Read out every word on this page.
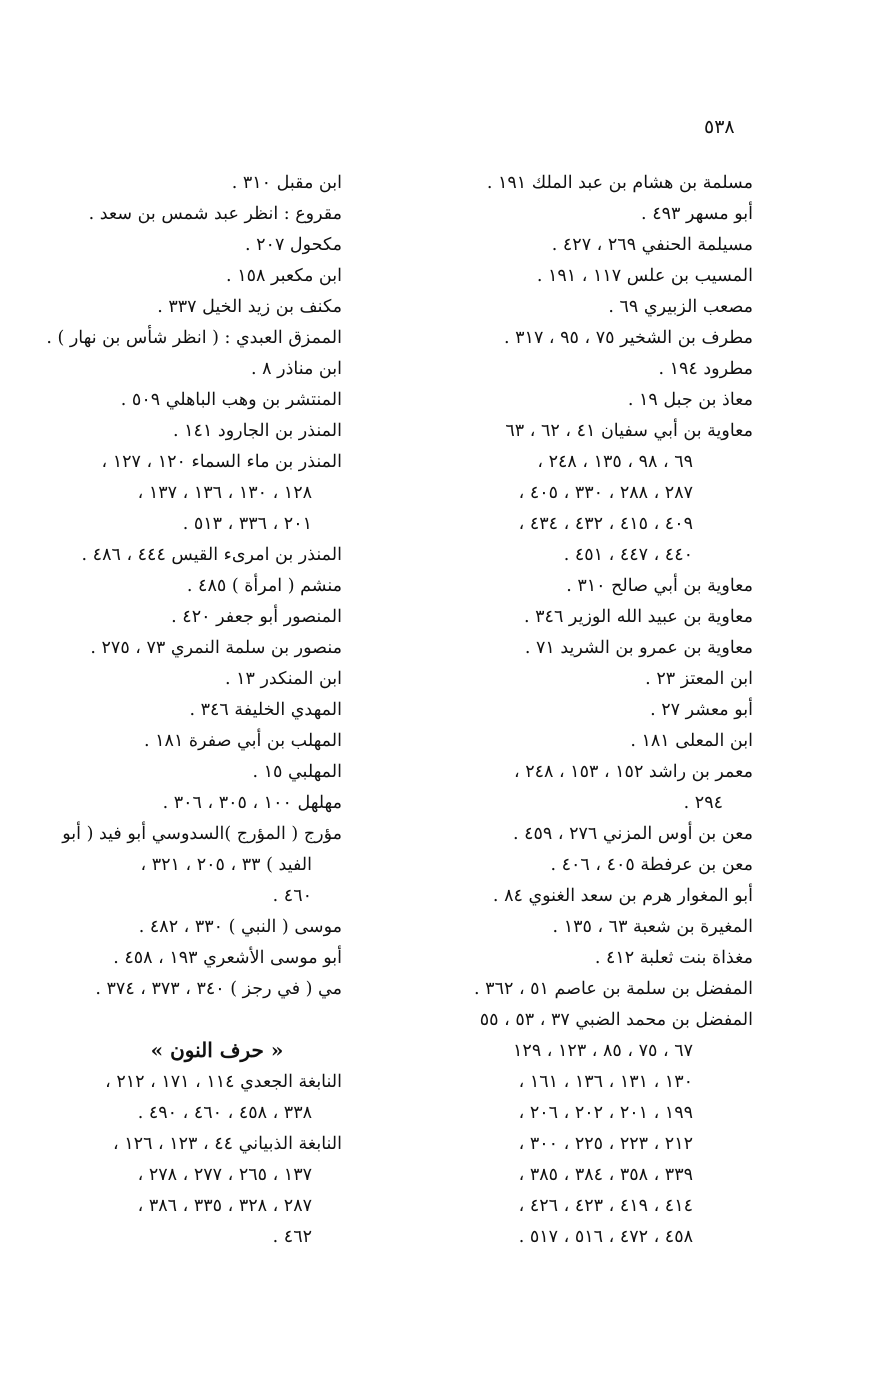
٥٣٨
مسلمة بن هشام بن عبد الملك ١٩١ .
أبو مسهر ٤٩٣ .
مسيلمة الحنفي ٢٦٩ ، ٤٢٧ .
المسيب بن علس ١١٧ ، ١٩١ .
مصعب الزبيري ٦٩ .
مطرف بن الشخير ٧٥ ، ٩٥ ، ٣١٧ .
مطرود ١٩٤ .
معاذ بن جبل ١٩ .
معاوية بن أبي سفيان ٤١ ، ٦٢ ، ٦٣
٦٩ ، ٩٨ ، ١٣٥ ، ٢٤٨ ،
٢٨٧ ، ٢٨٨ ، ٣٣٠ ، ٤٠٥ ،
٤٠٩ ، ٤١٥ ، ٤٣٢ ، ٤٣٤ ،
٤٤٠ ، ٤٤٧ ، ٤٥١ .
معاوية بن أبي صالح ٣١٠ .
معاوية بن عبيد الله الوزير ٣٤٦ .
معاوية بن عمرو بن الشريد ٧١ .
ابن المعتز ٢٣ .
أبو معشر ٢٧ .
ابن المعلى ١٨١ .
معمر بن راشد ١٥٢ ، ١٥٣ ، ٢٤٨ ،
٢٩٤ .
معن بن أوس المزني ٢٧٦ ، ٤٥٩ .
معن بن عرفطة ٤٠٥ ، ٤٠٦ .
أبو المغوار هرم بن سعد الغنوي ٨٤ .
المغيرة بن شعبة ٦٣ ، ١٣٥ .
مغذاة بنت ثعلبة ٤١٢ .
المفضل بن سلمة بن عاصم ٥١ ، ٣٦٢ .
المفضل بن محمد الضبي ٣٧ ، ٥٣ ، ٥٥
٦٧ ، ٧٥ ، ٨٥ ، ١٢٣ ، ١٢٩
١٣٠ ، ١٣١ ، ١٣٦ ، ١٦١ ،
١٩٩ ، ٢٠١ ، ٢٠٢ ، ٢٠٦ ،
٢١٢ ، ٢٢٣ ، ٢٢٥ ، ٣٠٠ ،
٣٣٩ ، ٣٥٨ ، ٣٨٤ ، ٣٨٥ ،
٤١٤ ، ٤١٩ ، ٤٢٣ ، ٤٢٦ ،
٤٥٨ ، ٤٧٢ ، ٥١٦ ، ٥١٧ .
ابن مقبل ٣١٠ .
مقروع : انظر عبد شمس بن سعد .
مكحول ٢٠٧ .
ابن مكعبر ١٥٨ .
مكنف بن زيد الخيل ٣٣٧ .
الممزق العبدي : ( انظر شأس بن نهار ) .
ابن مناذر ٨ .
المنتشر بن وهب الباهلي ٥٠٩ .
المنذر بن الجارود ١٤١ .
المنذر بن ماء السماء ١٢٠ ، ١٢٧ ،
١٢٨ ، ١٣٠ ، ١٣٦ ، ١٣٧ ،
٢٠١ ، ٣٣٦ ، ٥١٣ .
المنذر بن امرىء القيس ٤٤٤ ، ٤٨٦ .
منشم ( امرأة ) ٤٨٥ .
المنصور أبو جعفر ٤٢٠ .
منصور بن سلمة النمري ٧٣ ، ٢٧٥ .
ابن المنكدر ١٣ .
المهدي الخليفة ٣٤٦ .
المهلب بن أبي صفرة ١٨١ .
المهلبي ١٥ .
مهلهل ١٠٠ ، ٣٠٥ ، ٣٠٦ .
مؤرج ( المؤرج )السدوسي أبو فيد ( أبو
الفيد ) ٣٣ ، ٢٠٥ ، ٣٢١ ،
٤٦٠ .
موسى ( النبي ) ٣٣٠ ، ٤٨٢ .
أبو موسى الأشعري ١٩٣ ، ٤٥٨ .
مي ( في رجز ) ٣٤٠ ، ٣٧٣ ، ٣٧٤ .
« حرف النون »
النابغة الجعدي ١١٤ ، ١٧١ ، ٢١٢ ،
٣٣٨ ، ٤٥٨ ، ٤٦٠ ، ٤٩٠ .
النابغة الذبياني ٤٤ ، ١٢٣ ، ١٢٦ ،
١٣٧ ، ٢٦٥ ، ٢٧٧ ، ٢٧٨ ،
٢٨٧ ، ٣٢٨ ، ٣٣٥ ، ٣٨٦ ،
٤٦٢ .
